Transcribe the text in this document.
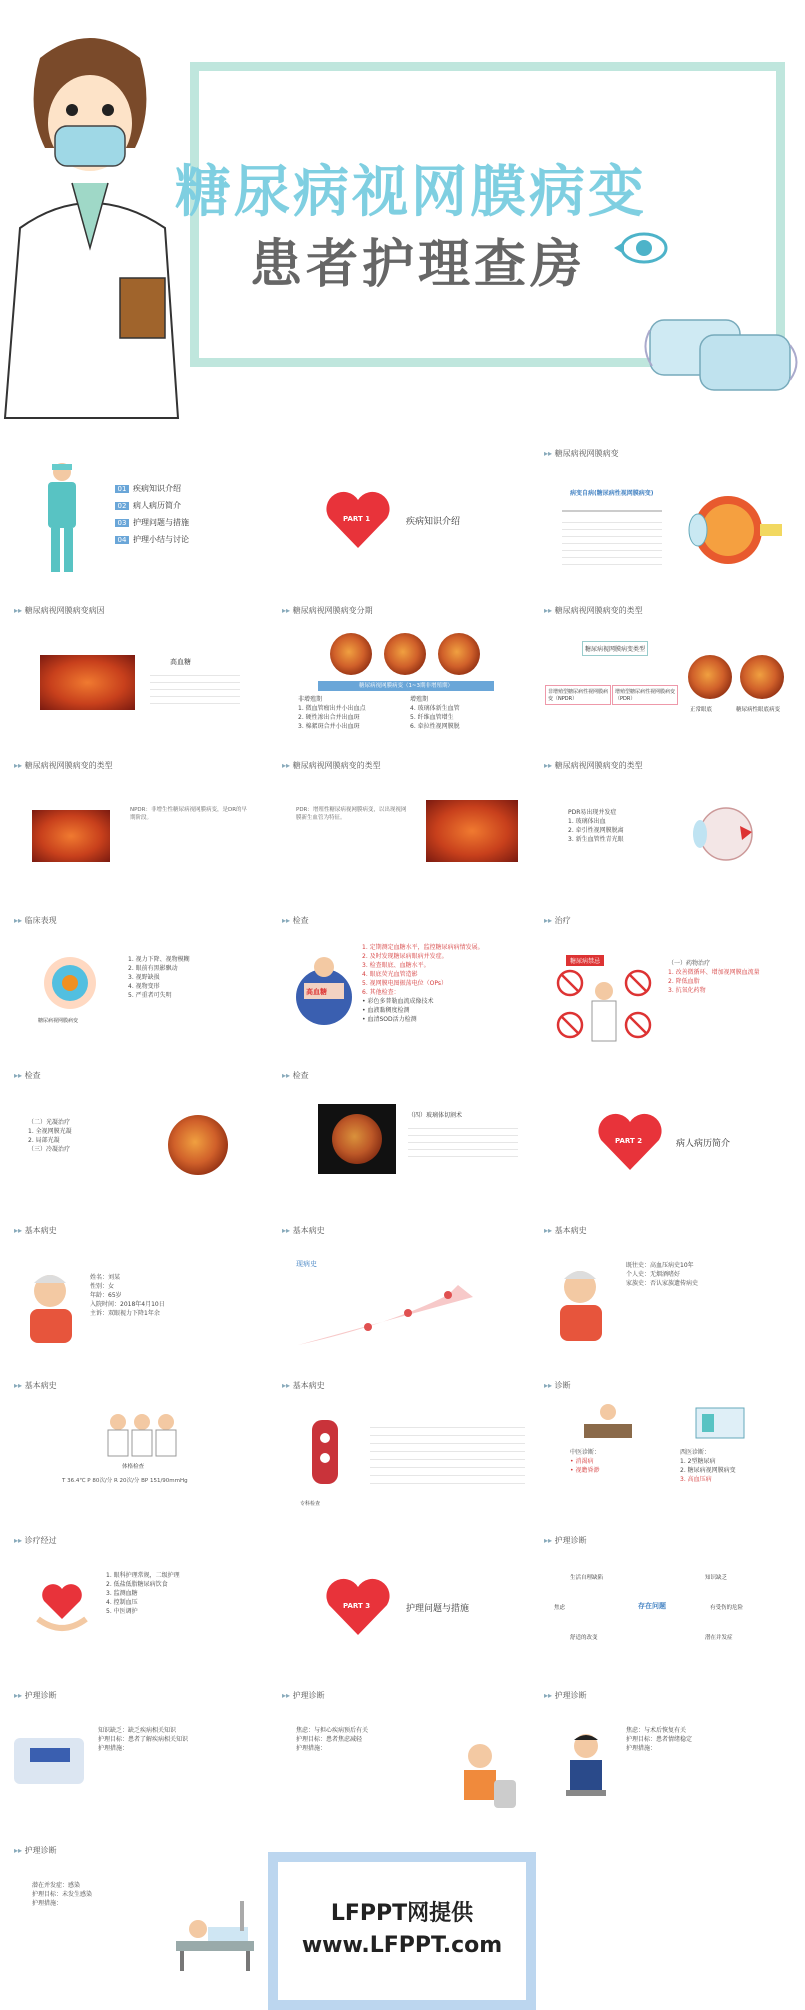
糖尿病视网膜病变
患者护理查房
01 疾病知识介绍
02 病人病历简介
03 护理问题与措施
04 护理小结与讨论
PART 1	疾病知识介绍
▸▸ 糖尿病视网膜病变
病变自病(糖尿病性视网膜病变)
▸▸ 糖尿病视网膜病变病因
高血糖
▸▸ 糖尿病视网膜病变分期
糖尿病视网膜病变（1~3期非增殖期）
非增殖期
1. 微血管瘤出并小出血点
2. 硬性渗出合并出血斑
3. 棉絮斑合并小出血斑
增殖期
4. 玻璃体新生血管
5. 纤维血管增生
6. 牵拉性视网膜脱
▸▸ 糖尿病视网膜病变的类型
糖尿病视网膜病变类型
非增殖型糖尿病性视网膜病变（NPDR）
增殖型糖尿病性视网膜病变（PDR）
正常眼底	糖尿病性眼底病变
▸▸ 糖尿病视网膜病变的类型
NPDR：非增生性糖尿病视网膜病变，是DR的早期阶段。
▸▸ 糖尿病视网膜病变的类型
PDR：增殖性糖尿病视网膜病变，以出现视网膜新生血管为特征。
▸▸ 糖尿病视网膜病变的类型
PDR易出现并发症
1. 玻璃体出血
2. 牵引性视网膜脱离
3. 新生血管性青光眼
▸▸ 临床表现
糖尿病视网膜病变
1. 视力下降、视物模糊
2. 眼前有黑影飘动
3. 视野缺损
4. 视物变形
5. 严重者可失明
▸▸ 检查
高血糖
1. 定期测定血糖水平，监控糖尿病病情发展。
2. 及时发现糖尿病眼病并发症。
3. 检查眼底、血糖水平。
4. 眼底荧光血管造影
5. 视网膜电图振荡电位（OPs）
6. 其他检查：
• 彩色多普勒血流成像技术
• 血液黏稠度检测
• 血清SOD活力检测
▸▸ 治疗
糖尿病禁忌	（一）药物治疗
1. 改善微循环、增加视网膜血流量
2. 降低血脂
3. 抗氧化药物
▸▸ 检查
（二）光凝治疗
1. 全视网膜光凝
2. 局部光凝
（三）冷凝治疗
▸▸ 检查
（四）玻璃体切割术
PART 2	病人病历简介
▸▸ 基本病史
姓名：刘某
性别：女
年龄：65岁
入院时间：2018年4月10日
主诉：双眼视力下降1年余
▸▸ 基本病史
现病史
▸▸ 基本病史
既往史：高血压病史10年
个人史：无烟酒嗜好
家族史：否认家族遗传病史
▸▸ 基本病史
体格检查
T 36.4℃ P 80次/分 R 20次/分 BP 151/90mmHg
▸▸ 基本病史
专科检查
▸▸ 诊断
中医诊断：
• 消渴病
• 视瞻昏渺
西医诊断：
1. 2型糖尿病
2. 糖尿病视网膜病变
3. 高血压病
▸▸ 诊疗经过
1. 眼科护理常规，二级护理
2. 低盐低脂糖尿病饮食
3. 监测血糖
4. 控制血压
5. 中医调护
PART 3	护理问题与措施
▸▸ 护理诊断
存在问题
生活自理缺陷	知识缺乏
焦虑	有受伤的危险
舒适的改变	潜在并发症
▸▸ 护理诊断
知识缺乏：缺乏疾病相关知识
护理目标：患者了解疾病相关知识
护理措施：
▸▸ 护理诊断
焦虑：与担心疾病预后有关
护理目标：患者焦虑减轻
护理措施：
▸▸ 护理诊断
焦虑：与术后恢复有关
护理目标：患者情绪稳定
护理措施：
▸▸ 护理诊断
潜在并发症：感染
护理目标：未发生感染
护理措施：	LFPPT网提供
www.LFPPT.com
